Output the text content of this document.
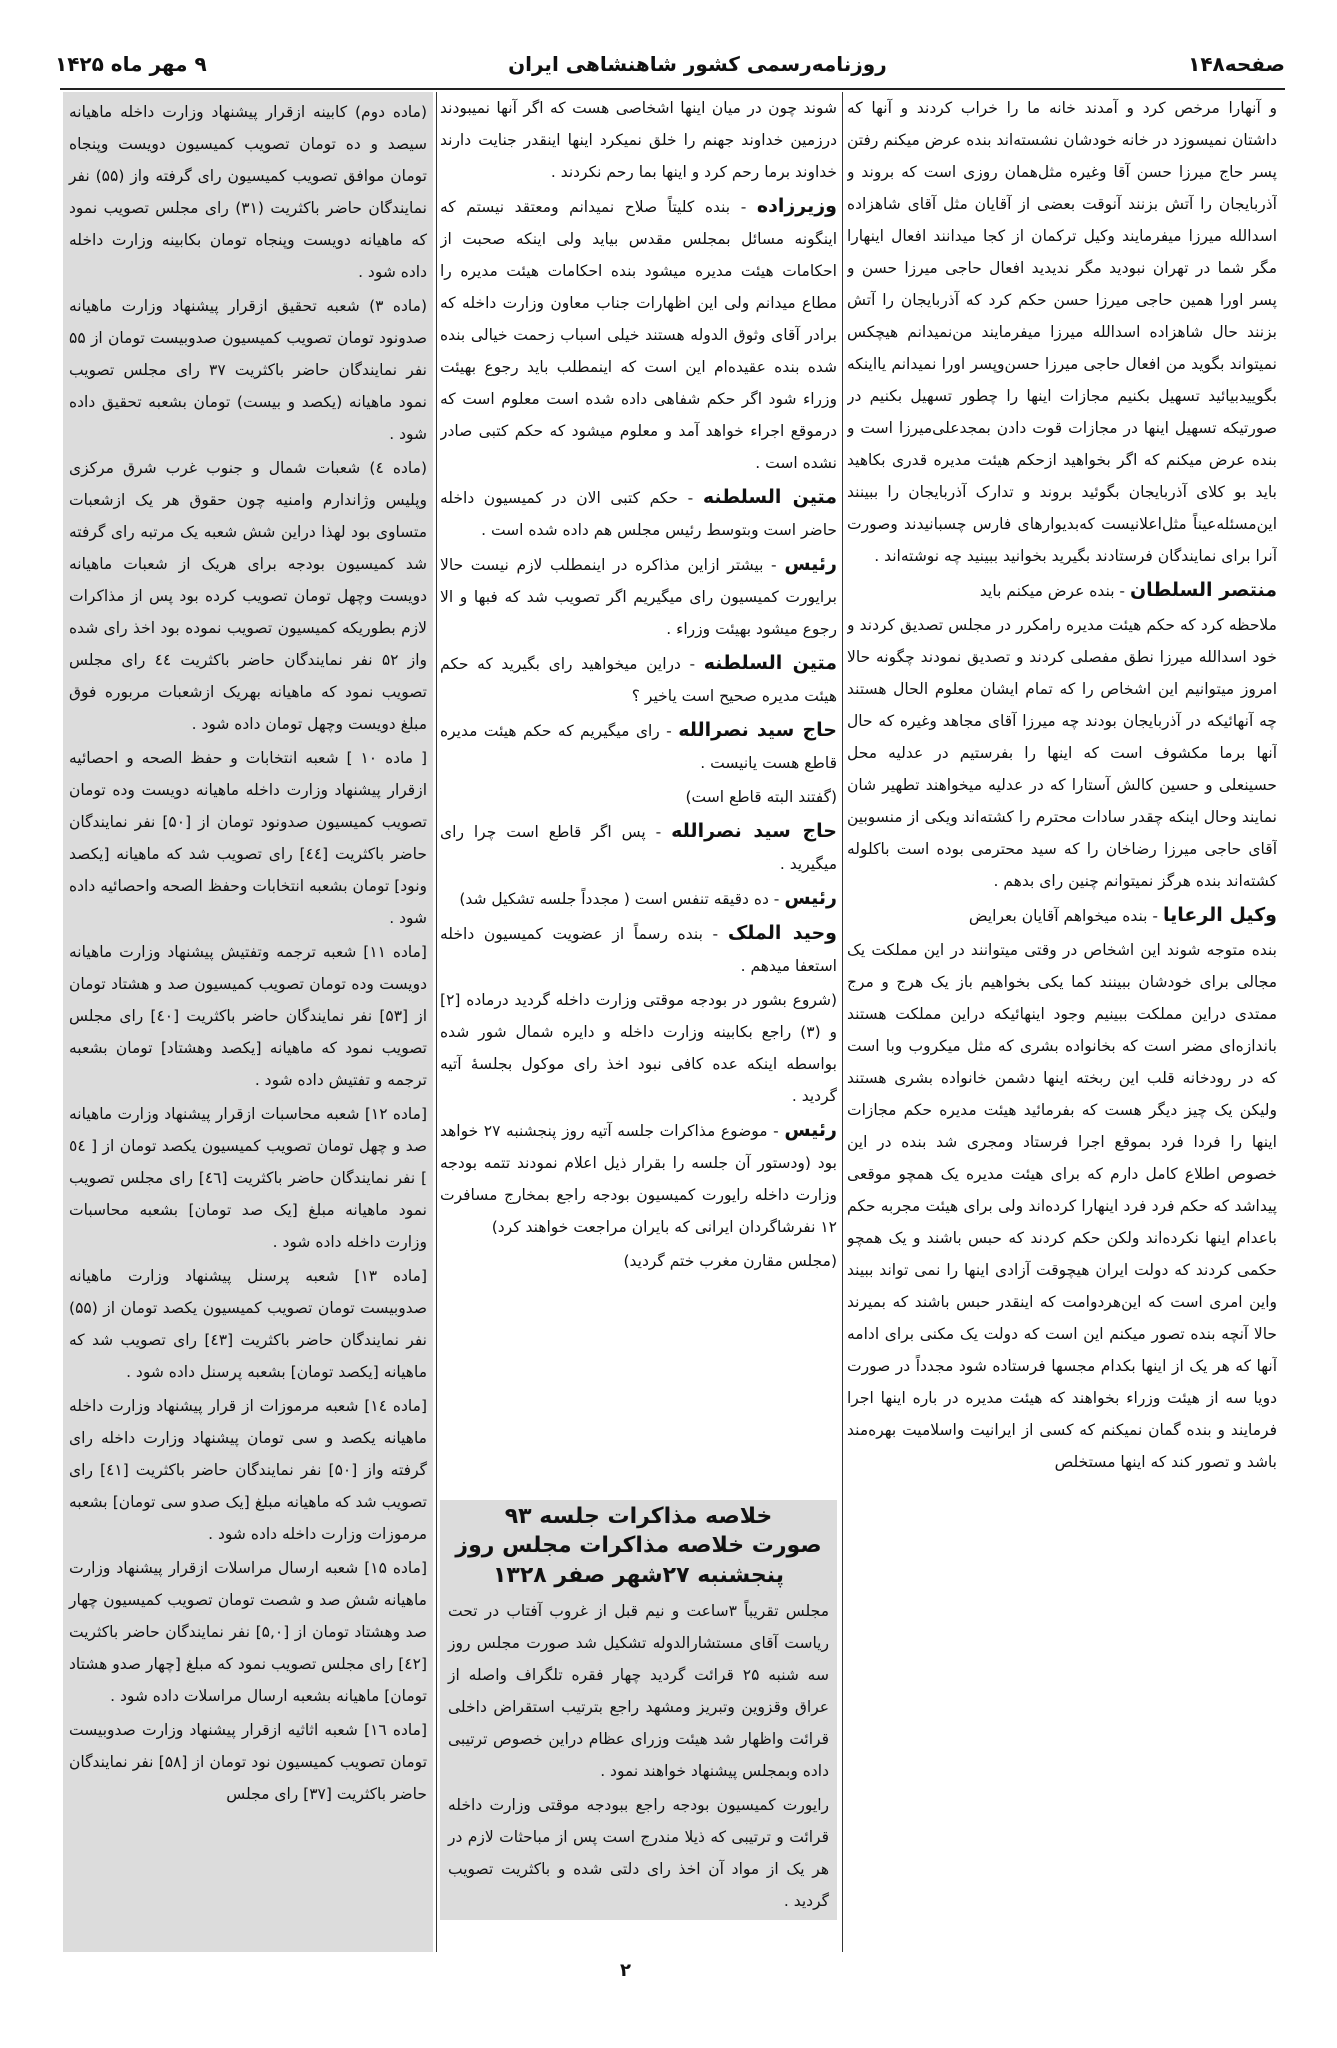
صفحه۱۴۸
روزنامه‌رسمی کشور شاهنشاهی ایران
۹ مهر ماه ۱۴۲۵

و آنهارا مرخص کرد و آمدند خانه ما را خراب کردند و آنها که داشتان نمیسوزد در خانه خودشان نشسته‌اند بنده عرض میکنم رفتن پسر حاج میرزا حسن آقا وغیره مثل‌همان روزی است که بروند و آذربایجان را آتش بزنند آنوقت بعضی از آقایان مثل آقای شاهزاده اسدالله میرزا میفرمایند وکیل ترکمان از کجا میدانند افعال اینهارا مگر شما در تهران نبودید مگر ندیدید افعال حاجی میرزا حسن و پسر اورا همین حاجی میرزا حسن حکم کرد که آذربایجان را آتش بزنند حال شاهزاده اسدالله میرزا میفرمایند من‌نمیدانم هیچکس نمیتواند بگوید من افعال حاجی میرزا حسن‌وپسر اورا نمیدانم یااینکه بگوییدبیائید تسهیل بکنیم مجازات اینها را چطور تسهیل بکنیم در صورتیکه تسهیل اینها در مجازات قوت دادن بمجدعلی‌میرزا است و بنده عرض میکنم که اگر بخواهید ازحکم هیئت مدیره قدری بکاهید باید بو کلای آذربایجان بگوئید بروند و تدارک آذربایجان را ببینند این‌مسئله‌عیناً مثل‌اعلانیست که‌بدیوارهای فارس چسبانیدند وصورت آنرا برای نمایندگان فرستادند بگیرید بخوانید ببینید چه نوشته‌اند .

منتصر السلطان - بنده عرض میکنم باید

ملاحظه کرد که حکم هیئت مدیره رامکرر در مجلس تصدیق کردند و خود اسدالله میرزا نطق مفصلی کردند و تصدیق نمودند چگونه حالا امروز میتوانیم این اشخاص را که تمام ایشان معلوم الحال هستند چه آنهائیکه در آذربایجان بودند چه میرزا آقای مجاهد وغیره که حال آنها برما مکشوف است که اینها را بفرستیم در عدلیه محل حسینعلی و حسین کالش آستارا که در عدلیه میخواهند تطهیر شان نمایند وحال اینکه چقدر سادات محترم را کشته‌اند ویکی از منسوبین آقای حاجی میرزا رضاخان را که سید محترمی بوده است باکلوله کشته‌اند بنده هرگز نمیتوانم چنین رای بدهم .

وکیل الرعایا - بنده میخواهم آقایان بعرایض

بنده متوجه شوند این اشخاص در وقتی میتوانند در این مملکت یک مجالی برای خودشان ببینند کما یکی بخواهیم باز یک هرج و مرج ممتدی دراین مملکت ببینیم وجود اینهائیکه دراین مملکت هستند باندازه‌ای مضر است که بخانواده بشری که مثل میکروب وبا است که در رودخانه قلب این ربخته اینها دشمن خانواده بشری هستند ولیکن یک چیز دیگر هست که بفرمائید هیئت مدیره حکم مجازات اینها را فردا فرد بموقع اجرا فرستاد ومجری شد بنده در این خصوص اطلاع کامل دارم که برای هیئت مدیره یک همچو موقعی پیداشد که حکم فرد فرد اینهارا کرده‌اند ولی برای هیئت مجربه حکم باعدام اینها نکرده‌اند ولکن حکم کردند که حبس باشند و یک همچو حکمی کردند که دولت ایران هیچوقت آزادی اینها را نمی تواند ببیند واین امری است که این‌هردوامت که اینقدر حبس باشند که بمیرند حالا آنچه بنده تصور میکنم این است که دولت یک مکنی برای ادامه آنها که هر یک از اینها بکدام مجسها فرستاده شود مجدداً در صورت دویا سه از هیئت وزراء بخواهند که هیئت مدیره در باره اینها اجرا فرمایند و بنده گمان نمیکنم که کسی از ایرانیت واسلامیت بهره‌مند باشد و تصور کند که اینها مستخلص

شوند چون در میان اینها اشخاصی هست که اگر آنها نمیبودند درزمین خداوند جهنم را خلق نمیکرد اینها اینقدر جنایت دارند خداوند برما رحم کرد و اینها بما رحم نکردند .

وزیرزاده - بنده کلیتاً صلاح نمیدانم ومعتقد نیستم که اینگونه مسائل بمجلس مقدس بیاید ولی اینکه صحبت از احکامات هیئت مدیره میشود بنده احکامات هیئت مدیره را مطاع میدانم ولی این اظهارات جناب معاون وزارت داخله که برادر آقای وثوق الدوله هستند خیلی اسباب زحمت خیالی بنده شده بنده عقیده‌ام این است که اینمطلب باید رجوع بهیئت وزراء شود اگر حکم شفاهی داده شده است معلوم است که درموقع اجراء خواهد آمد و معلوم میشود که حکم کتبی صادر نشده است .

متین السلطنه - حکم کتبی الان در کمیسیون داخله حاضر است وبتوسط رئیس مجلس هم داده شده است .

رئیس - بیشتر ازاین مذاکره در اینمطلب لازم نیست حالا برایورت کمیسیون رای میگیریم اگر تصویب شد که فبها و الا رجوع میشود بهیئت وزراء .

متین السلطنه - دراین میخواهید رای بگیرید که حکم هیئت مدیره صحیح است یاخیر ؟

حاج سید نصرالله - رای میگیریم که حکم هیئت مدیره قاطع هست یانیست .

(گفتند البته قاطع است)

حاج سید نصرالله - پس اگر قاطع است چرا رای میگیرید .

رئیس - ده دقیقه تنفس است ( مجدداً جلسه تشکیل شد)

وحید الملک - بنده رسماً از عضویت کمیسیون داخله استعفا میدهم .

(شروع بشور در بودجه موقتی وزارت داخله گردید درماده [۲] و (۳) راجع بکابینه وزارت داخله و دایره شمال شور شده بواسطه اینکه عده کافی نبود اخذ رای موکول بجلسهٔ آتیه گردید .

رئیس - موضوع مذاکرات جلسه آتیه روز پنجشنبه ۲۷ خواهد بود (ودستور آن جلسه را بقرار ذیل اعلام نمودند تتمه بودجه وزارت داخله رایورت کمیسیون بودجه راجع بمخارج مسافرت ۱۲ نفرشاگردان ایرانی که بایران مراجعت خواهند کرد)

(مجلس مقارن مغرب ختم گردید)

خلاصه مذاکرات جلسه ۹۳
صورت خلاصه مذاکرات مجلس روز پنجشنبه ۲۷شهر صفر ۱۳۲۸

مجلس تقریباً ۳ساعت و نیم قبل از غروب آفتاب در تحت ریاست آقای مستشارالدوله تشکیل شد صورت مجلس روز سه شنبه ۲۵ قرائت گردید چهار فقره تلگراف واصله از عراق وقزوین وتبریز ومشهد راجع بترتیب استقراض داخلی قرائت واظهار شد هیئت وزرای عظام دراین خصوص ترتیبی داده وبمجلس پیشنهاد خواهند نمود .

رایورت کمیسیون بودجه راجع ببودجه موقتی وزارت داخله قرائت و ترتیبی که ذیلا مندرج است پس از مباحثات لازم در هر یک از مواد آن اخذ رای دلتی شده و باکثریت تصویب گردید .

(ماده دوم) کابینه ازقرار پیشنهاد وزارت داخله ماهیانه سیصد و ده تومان تصویب کمیسیون دویست وپنجاه تومان موافق تصویب کمیسیون رای گرفته واز (۵۵) نفر نمایندگان حاضر باکثریت (۳۱) رای مجلس تصویب نمود که ماهیانه دویست وپنجاه تومان بکابینه وزارت داخله داده شود .

(ماده ۳) شعبه تحقیق ازقرار پیشنهاد وزارت ماهیانه صدونود تومان تصویب کمیسیون صدوبیست تومان از ۵۵ نفر نمایندگان حاضر باکثریت ۳۷ رای مجلس تصویب نمود ماهیانه (یکصد و بیست) تومان بشعبه تحقیق داده شود .

(ماده ٤) شعبات شمال و جنوب غرب شرق مرکزی وپلیس وژاندارم وامنیه چون حقوق هر یک ازشعبات متساوی بود لهذا دراین شش شعبه یک مرتبه رای گرفته شد کمیسیون بودجه برای هریک از شعبات ماهیانه دویست وچهل تومان تصویب کرده بود پس از مذاکرات لازم بطوریکه کمیسیون تصویب نموده بود اخذ رای شده واز ۵۲ نفر نمایندگان حاضر باکثریت ٤٤ رای مجلس تصویب نمود که ماهیانه بهریک ازشعبات مربوره فوق مبلغ دویست وچهل تومان داده شود .

[ ماده ۱۰ ] شعبه انتخابات و حفظ الصحه و احصائیه ازقرار پیشنهاد وزارت داخله ماهیانه دویست وده تومان تصویب کمیسیون صدونود تومان از [۵۰] نفر نمایندگان حاضر باکثریت [٤٤] رای تصویب شد که ماهیانه [یکصد ونود] تومان بشعبه انتخابات وحفظ الصحه واحصائیه داده شود .

[ماده ۱۱] شعبه ترجمه وتفتیش پیشنهاد وزارت ماهیانه دویست وده تومان تصویب کمیسیون صد و هشتاد تومان از [۵۳] نفر نمایندگان حاضر باکثریت [٤۰] رای مجلس تصویب نمود که ماهیانه [یکصد وهشتاد] تومان بشعبه ترجمه و تفتیش داده شود .

[ماده ۱۲] شعبه محاسبات ازقرار پیشنهاد وزارت ماهیانه صد و چهل تومان تصویب کمیسیون یکصد تومان از [ ٥٤ ] نفر نمایندگان حاضر باکثریت [٤٦] رای مجلس تصویب نمود ماهیانه مبلغ [یک صد تومان] بشعبه محاسبات وزارت داخله داده شود .

[ماده ۱۳] شعبه پرسنل پیشنهاد وزارت ماهیانه صدوبیست تومان تصویب کمیسیون یکصد تومان از (۵۵) نفر نمایندگان حاضر باکثریت [٤۳] رای تصویب شد که ماهیانه [یکصد تومان] بشعبه پرسنل داده شود .

[ماده ۱٤] شعبه مرموزات از قرار پیشنهاد وزارت داخله ماهیانه یکصد و سی تومان پیشنهاد وزارت داخله رای گرفته واز [۵۰] نفر نمایندگان حاضر باکثریت [٤۱] رای تصویب شد که ماهیانه مبلغ [یک صدو سی تومان] بشعبه مرموزات وزارت داخله داده شود .

[ماده ۱۵] شعبه ارسال مراسلات ازقرار پیشنهاد وزارت ماهیانه شش صد و شصت تومان تصویب کمیسیون چهار صد وهشتاد تومان از [۵,۰] نفر نمایندگان حاضر باکثریت [٤۲] رای مجلس تصویب نمود که مبلغ [چهار صدو هشتاد تومان] ماهیانه بشعبه ارسال مراسلات داده شود .

[ماده ۱٦] شعبه اثاثیه ازقرار پیشنهاد وزارت صدوبیست تومان تصویب کمیسیون نود تومان از [۵۸] نفر نمایندگان حاضر باکثریت [۳۷] رای مجلس

۲
